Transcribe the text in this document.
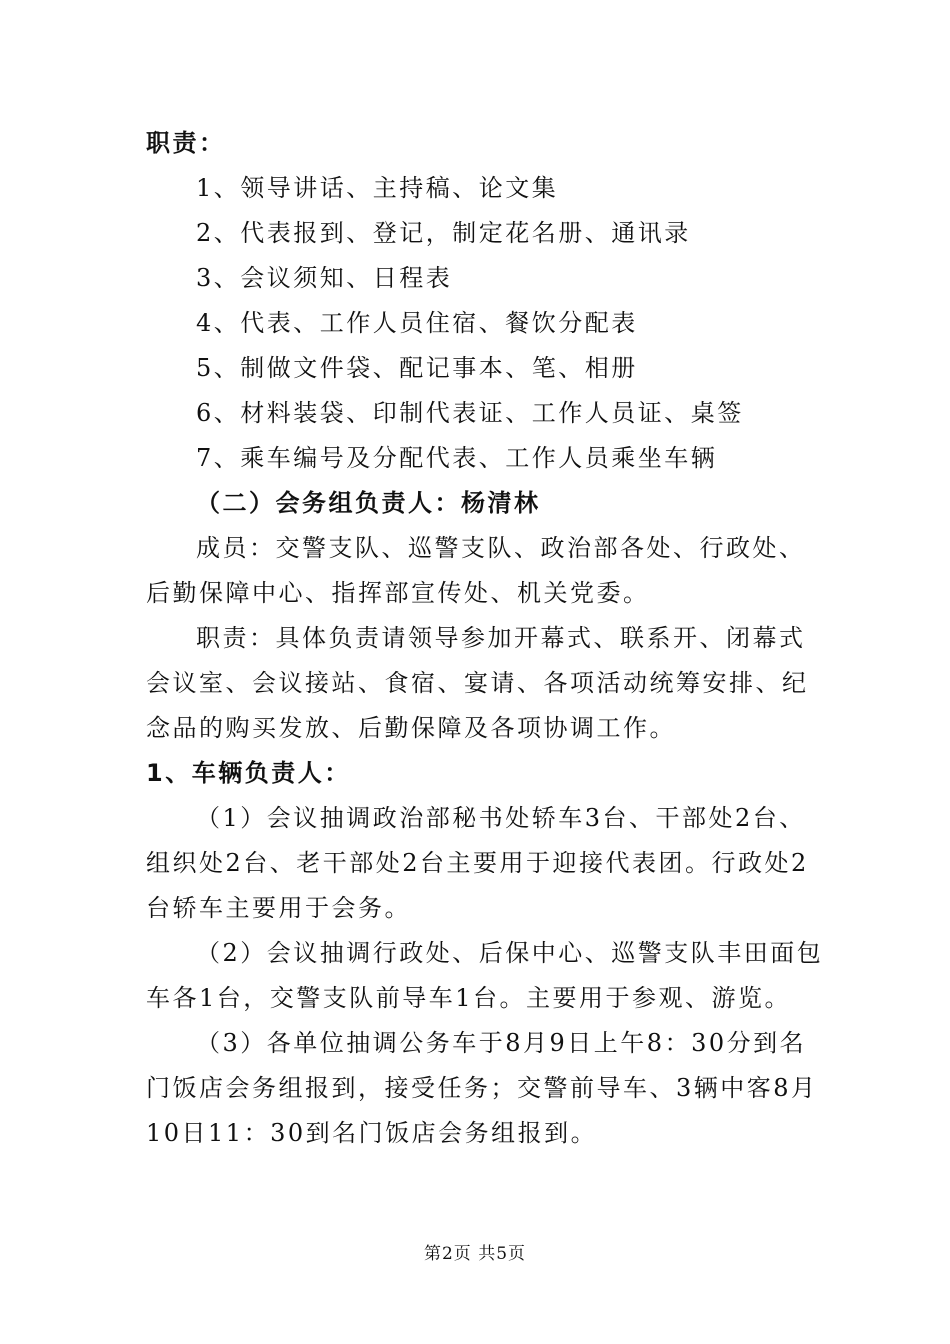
职责：
1、领导讲话、主持稿、论文集
2、代表报到、登记，制定花名册、通讯录
3、会议须知、日程表
4、代表、工作人员住宿、餐饮分配表
5、制做文件袋、配记事本、笔、相册
6、材料装袋、印制代表证、工作人员证、桌签
7、乘车编号及分配代表、工作人员乘坐车辆
（二）会务组负责人：杨清林
成员：交警支队、巡警支队、政治部各处、行政处、
后勤保障中心、指挥部宣传处、机关党委。
职责：具体负责请领导参加开幕式、联系开、闭幕式
会议室、会议接站、食宿、宴请、各项活动统筹安排、纪
念品的购买发放、后勤保障及各项协调工作。
1、车辆负责人：
（1）会议抽调政治部秘书处轿车3台、干部处2台、
组织处2台、老干部处2台主要用于迎接代表团。行政处2
台轿车主要用于会务。
（2）会议抽调行政处、后保中心、巡警支队丰田面包
车各1台，交警支队前导车1台。主要用于参观、游览。
（3）各单位抽调公务车于8月9日上午8：30分到名
门饭店会务组报到，接受任务；交警前导车、3辆中客8月
10日11：30到名门饭店会务组报到。
第2页 共5页
